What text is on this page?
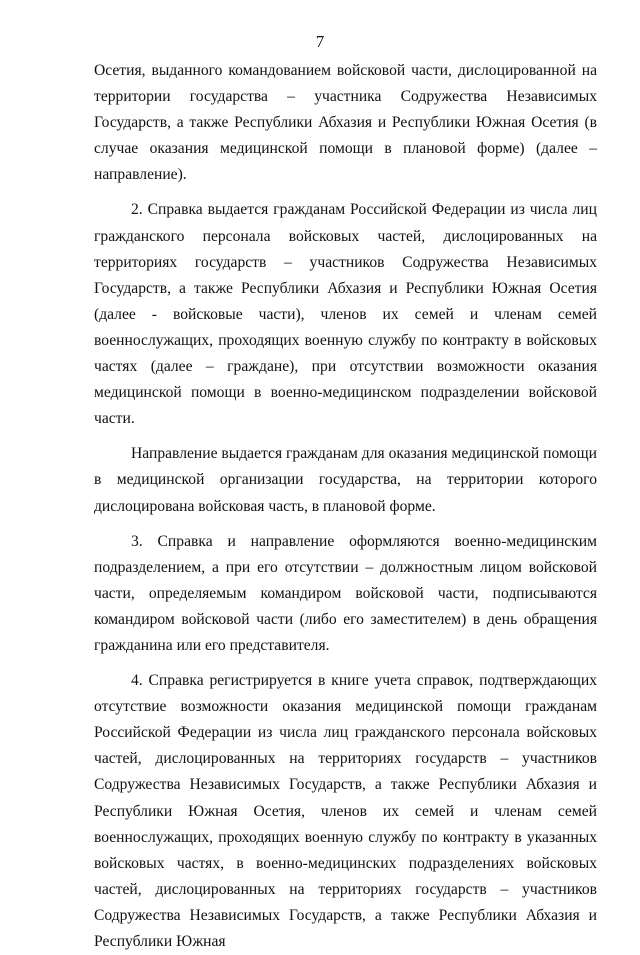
7

Осетия, выданного командованием войсковой части, дислоцированной на территории государства – участника Содружества Независимых Государств, а также Республики Абхазия и Республики Южная Осетия (в случае оказания медицинской помощи в плановой форме) (далее – направление).

2. Справка выдается гражданам Российской Федерации из числа лиц гражданского персонала войсковых частей, дислоцированных на территориях государств – участников Содружества Независимых Государств, а также Республики Абхазия и Республики Южная Осетия (далее - войсковые части), членов их семей и членам семей военнослужащих, проходящих военную службу по контракту в войсковых частях (далее – граждане), при отсутствии возможности оказания медицинской помощи в военно-медицинском подразделении войсковой части.

Направление выдается гражданам для оказания медицинской помощи в медицинской организации государства, на территории которого дислоцирована войсковая часть, в плановой форме.

3. Справка и направление оформляются военно-медицинским подразделением, а при его отсутствии – должностным лицом войсковой части, определяемым командиром войсковой части, подписываются командиром войсковой части (либо его заместителем) в день обращения гражданина или его представителя.

4. Справка регистрируется в книге учета справок, подтверждающих отсутствие возможности оказания медицинской помощи гражданам Российской Федерации из числа лиц гражданского персонала войсковых частей, дислоцированных на территориях государств – участников Содружества Независимых Государств, а также Республики Абхазия и Республики Южная Осетия, членов их семей и членам семей военнослужащих, проходящих военную службу по контракту в указанных войсковых частях, в военно-медицинских подразделениях войсковых частей, дислоцированных на территориях государств – участников Содружества Независимых Государств, а также Республики Абхазия и Республики Южная
